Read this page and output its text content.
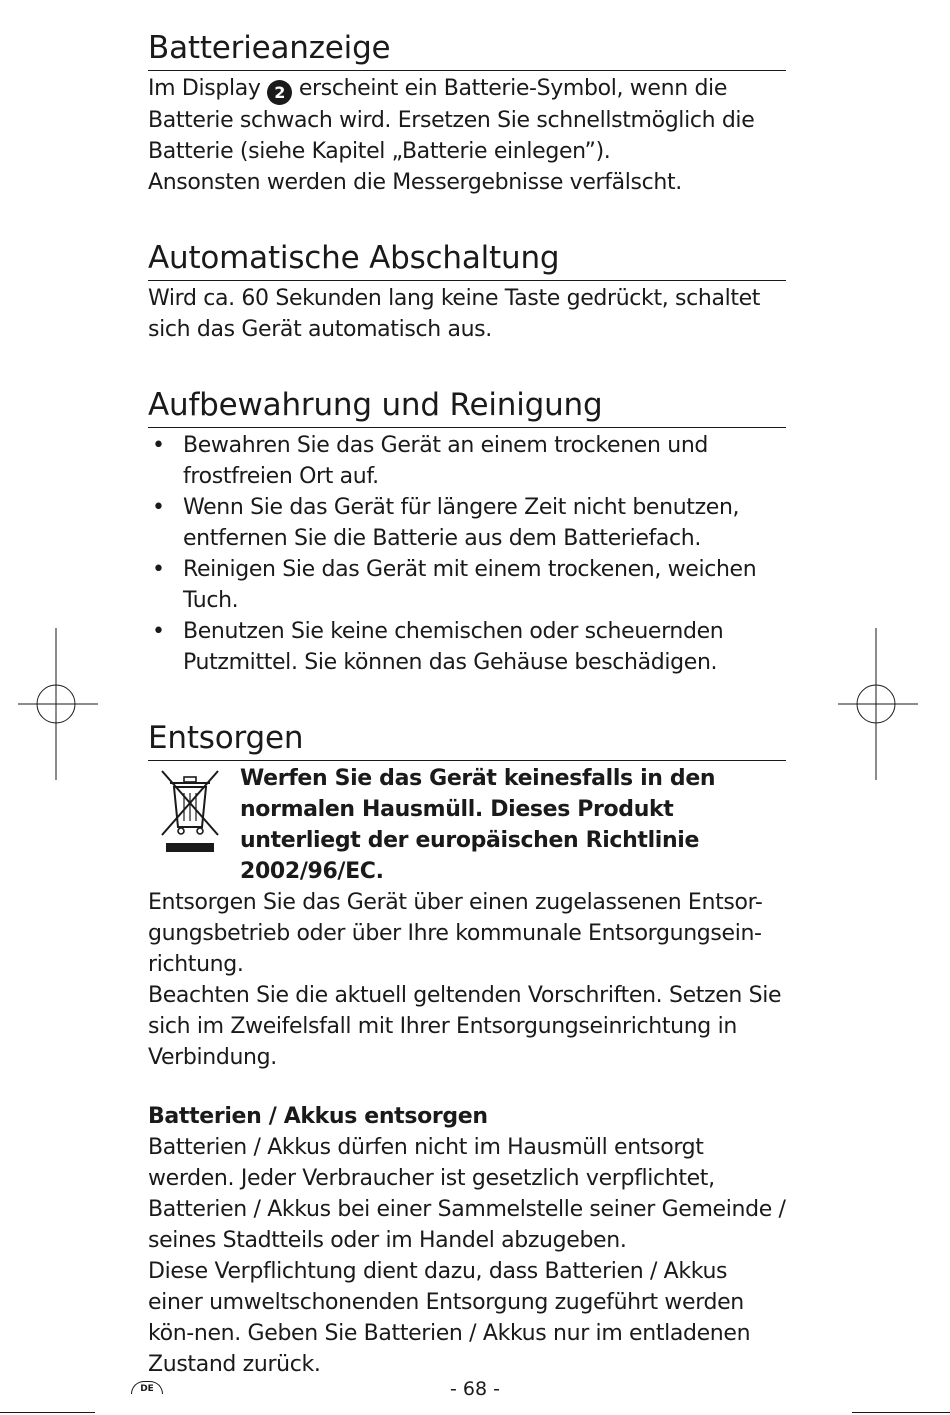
Batterieanzeige

Im Display 2 erscheint ein Batterie-Symbol, wenn die Batterie schwach wird. Ersetzen Sie schnellstmöglich die Batterie (siehe Kapitel „Batterie einlegen”).

Ansonsten werden die Messergebnisse verfälscht.

Automatische Abschaltung

Wird ca. 60 Sekunden lang keine Taste gedrückt, schaltet sich das Gerät automatisch aus.

Aufbewahrung und Reinigung
• Bewahren Sie das Gerät an einem trockenen und frostfreien Ort auf.
• Wenn Sie das Gerät für längere Zeit nicht benutzen, entfernen Sie die Batterie aus dem Batteriefach.
• Reinigen Sie das Gerät mit einem trockenen, weichen Tuch.
• Benutzen Sie keine chemischen oder scheuernden Putzmittel. Sie können das Gehäuse beschädigen.
Entsorgen

Werfen Sie das Gerät keinesfalls in den normalen Hausmüll. Dieses Produkt unterliegt der europäischen Richtlinie 2002/96/EC.

Entsorgen Sie das Gerät über einen zugelassenen Entsor-gungsbetrieb oder über Ihre kommunale Entsorgungsein-richtung.

Beachten Sie die aktuell geltenden Vorschriften. Setzen Sie sich im Zweifelsfall mit Ihrer Entsorgungseinrichtung in Verbindung.

Batterien / Akkus entsorgen

Batterien / Akkus dürfen nicht im Hausmüll entsorgt werden. Jeder Verbraucher ist gesetzlich verpflichtet, Batterien / Akkus bei einer Sammelstelle seiner Gemeinde / seines Stadtteils oder im Handel abzugeben.

Diese Verpflichtung dient dazu, dass Batterien / Akkus einer umweltschonenden Entsorgung zugeführt werden kön-nen. Geben Sie Batterien / Akkus nur im entladenen Zustand zurück.

DE	- 68 -
